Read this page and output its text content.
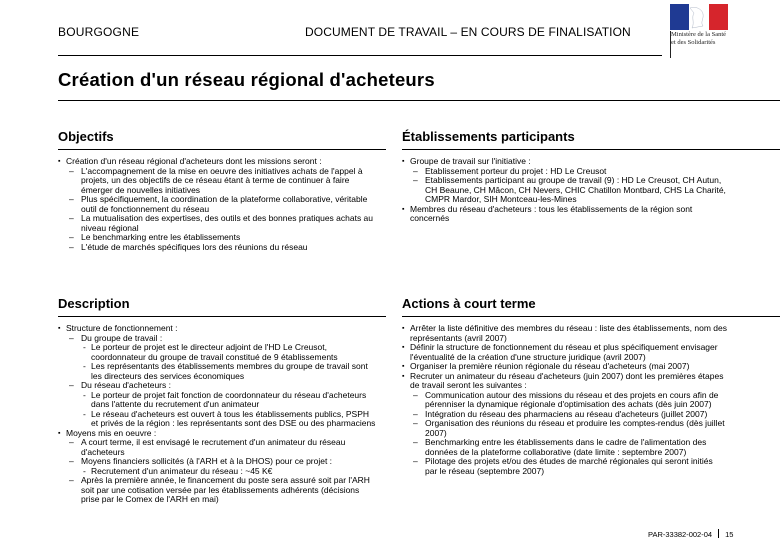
BOURGOGNE	DOCUMENT DE TRAVAIL – EN COURS DE FINALISATION	Ministère de la Santé
et des Solidarités
Création d'un réseau régional d'acheteurs
Objectifs
▪ Création d'un réseau régional d'acheteurs dont les missions seront :
– L'accompagnement de la mise en oeuvre des initiatives achats de l'appel à projets, un des objectifs de ce réseau étant à terme de continuer à faire émerger de nouvelles initiatives
– Plus spécifiquement, la coordination de la plateforme collaborative, véritable outil de fonctionnement du réseau
– La mutualisation des expertises, des outils et des bonnes pratiques achats au niveau régional
– Le benchmarking entre les établissements
– L'étude de marchés spécifiques lors des réunions du réseau
Établissements participants
▪ Groupe de travail sur l'initiative :
– Etablissement porteur du projet : HD Le Creusot
– Etablissements participant au groupe de travail (9) : HD Le Creusot, CH Autun, CH Beaune, CH Mâcon, CH Nevers, CHIC Chatillon Montbard, CHS La Charité, CMPR Mardor, SIH Montceau-les-Mines
▪ Membres du réseau d'acheteurs : tous les établissements de la région sont concernés
Description
▪ Structure de fonctionnement :
– Du groupe de travail :
- Le porteur de projet est le directeur adjoint de l'HD Le Creusot, coordonnateur du groupe de travail constitué de 9 établissements
- Les représentants des établissements membres du groupe de travail sont les directeurs des services économiques
– Du réseau d'acheteurs :
- Le porteur de projet fait fonction de coordonnateur du réseau d'acheteurs dans l'attente du recrutement d'un animateur
- Le réseau d'acheteurs est ouvert à tous les établissements publics, PSPH et privés de la région : les représentants sont des DSE ou des pharmaciens
▪ Moyens mis en oeuvre :
– A court terme, il est envisagé le recrutement d'un animateur du réseau d'acheteurs
– Moyens financiers sollicités (à l'ARH et à la DHOS) pour ce projet :
- Recrutement d'un animateur du réseau : ~45 K€
– Après la première année, le financement du poste sera assuré soit par l'ARH soit par une cotisation versée par les établissements adhérents (décisions prise par le Comex de l'ARH en mai)
Actions à court terme
▪ Arrêter la liste définitive des membres du réseau : liste des établissements, nom des représentants (avril 2007)
▪ Définir la structure de fonctionnement du réseau et plus spécifiquement envisager l'éventualité de la création d'une structure juridique (avril 2007)
▪ Organiser la première réunion régionale du réseau d'acheteurs (mai 2007)
▪ Recruter un animateur du réseau d'acheteurs (juin 2007) dont les premières étapes de travail seront les suivantes :
– Communication autour des missions du réseau et des projets en cours afin de pérenniser la dynamique régionale d'optimisation des achats (dès juin 2007)
– Intégration du réseau des pharmaciens au réseau d'acheteurs (juillet 2007)
– Organisation des réunions du réseau et produire les comptes-rendus (dès juillet 2007)
– Benchmarking entre les établissements dans le cadre de l'alimentation des données de la plateforme collaborative (date limite : septembre 2007)
– Pilotage des projets et/ou des études de marché régionales qui seront initiés par le réseau (septembre 2007)
PAR-33382-002-04 15
